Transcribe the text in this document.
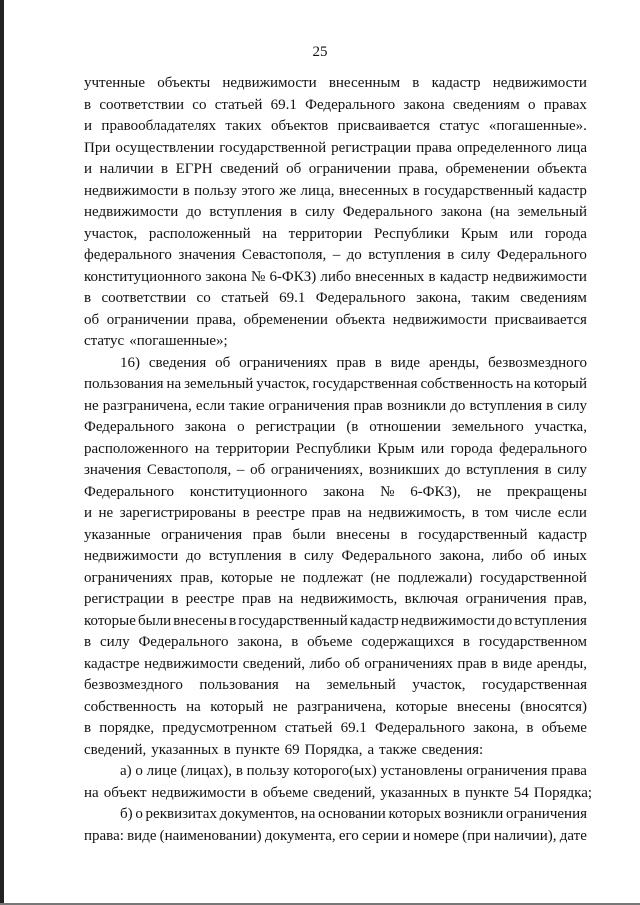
25
учтенные объекты недвижимости внесенным в кадастр недвижимости
в соответствии со статьей 69.1 Федерального закона сведениям о правах
и правообладателях таких объектов присваивается статус «погашенные».
При осуществлении государственной регистрации права определенного лица
и наличии в ЕГРН сведений об ограничении права, обременении объекта
недвижимости в пользу этого же лица, внесенных в государственный кадастр
недвижимости до вступления в силу Федерального закона (на земельный
участок, расположенный на территории Республики Крым или города
федерального значения Севастополя, – до вступления в силу Федерального
конституционного закона № 6-ФКЗ) либо внесенных в кадастр недвижимости
в соответствии со статьей 69.1 Федерального закона, таким сведениям
об ограничении права, обременении объекта недвижимости присваивается
статус «погашенные»;
16) сведения об ограничениях прав в виде аренды, безвозмездного
пользования на земельный участок, государственная собственность на который
не разграничена, если такие ограничения прав возникли до вступления в силу
Федерального закона о регистрации (в отношении земельного участка,
расположенного на территории Республики Крым или города федерального
значения Севастополя, – об ограничениях, возникших до вступления в силу
Федерального конституционного закона № 6-ФКЗ), не прекращены
и не зарегистрированы в реестре прав на недвижимость, в том числе если
указанные ограничения прав были внесены в государственный кадастр
недвижимости до вступления в силу Федерального закона, либо об иных
ограничениях прав, которые не подлежат (не подлежали) государственной
регистрации в реестре прав на недвижимость, включая ограничения прав,
которые были внесены в государственный кадастр недвижимости до вступления
в силу Федерального закона, в объеме содержащихся в государственном
кадастре недвижимости сведений, либо об ограничениях прав в виде аренды,
безвозмездного пользования на земельный участок, государственная
собственность на который не разграничена, которые внесены (вносятся)
в порядке, предусмотренном статьей 69.1 Федерального закона, в объеме
сведений, указанных в пункте 69 Порядка, а также сведения:
а) о лице (лицах), в пользу которого(ых) установлены ограничения права
на объект недвижимости в объеме сведений, указанных в пункте 54 Порядка;
б) о реквизитах документов, на основании которых возникли ограничения
права: виде (наименовании) документа, его серии и номере (при наличии), дате
